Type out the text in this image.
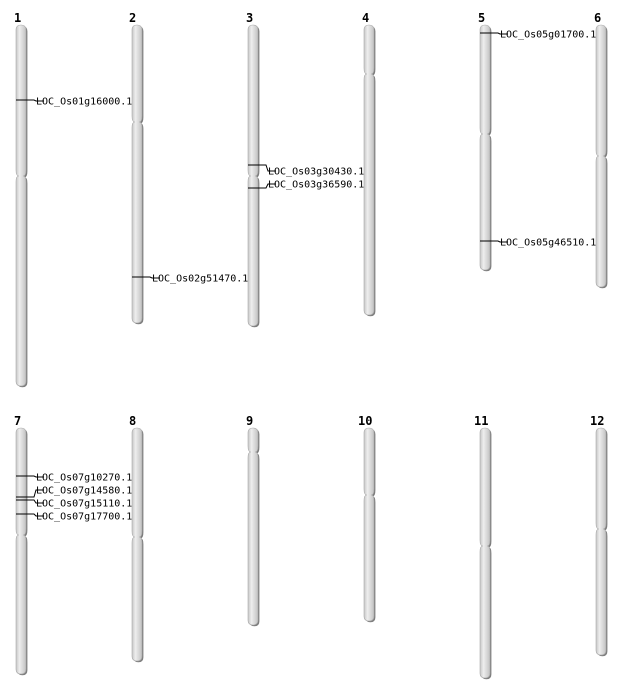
1
LOC_Os01g16000.1
2
LOC_Os02g51470.1
3
LOC_Os03g30430.1
LOC_Os03g36590.1
4	5
LOC_Os05g01700.1
LOC_Os05g46510.1
6
7
LOC_Os07g10270.1
LOC_Os07g14580.1
LOC_Os07g15110.1
LOC_Os07g17700.1
8	9	10	11	12
